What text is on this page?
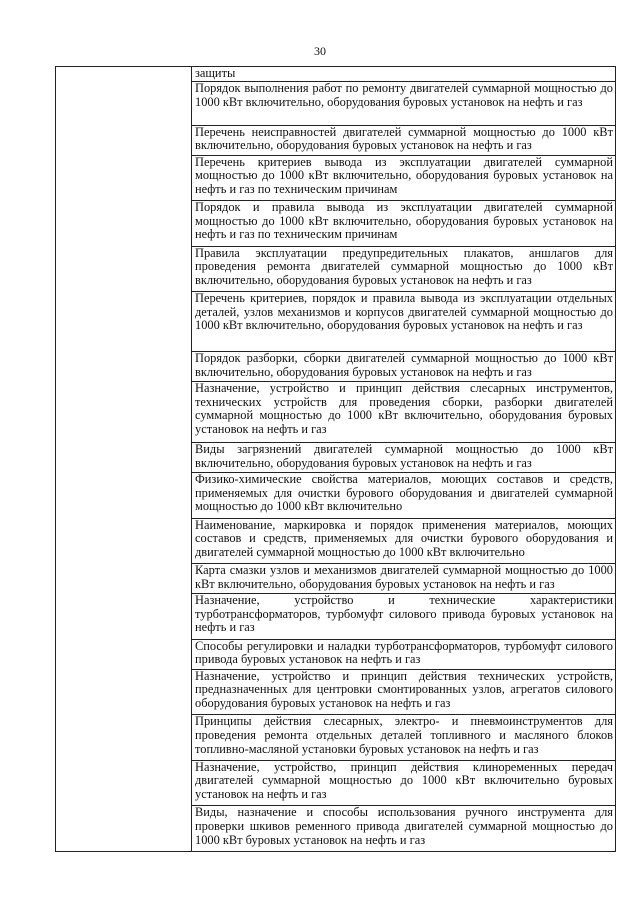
30
	защиты
Порядок выполнения работ по ремонту двигателей суммарной мощностью до 1000 кВт включительно, оборудования буровых установок на нефть и газ
Перечень неисправностей двигателей суммарной мощностью до 1000 кВт включительно, оборудования буровых установок на нефть и газ
Перечень критериев вывода из эксплуатации двигателей суммарной мощностью до 1000 кВт включительно, оборудования буровых установок на нефть и газ по техническим причинам
Порядок и правила вывода из эксплуатации двигателей суммарной мощностью до 1000 кВт включительно, оборудования буровых установок на нефть и газ по техническим причинам
Правила эксплуатации предупредительных плакатов, аншлагов для проведения ремонта двигателей суммарной мощностью до 1000 кВт включительно, оборудования буровых установок на нефть и газ
Перечень критериев, порядок и правила вывода из эксплуатации отдельных деталей, узлов механизмов и корпусов двигателей суммарной мощностью до 1000 кВт включительно, оборудования буровых установок на нефть и газ
Порядок разборки, сборки двигателей суммарной мощностью до 1000 кВт включительно, оборудования буровых установок на нефть и газ
Назначение, устройство и принцип действия слесарных инструментов, технических устройств для проведения сборки, разборки двигателей суммарной мощностью до 1000 кВт включительно, оборудования буровых установок на нефть и газ
Виды загрязнений двигателей суммарной мощностью до 1000 кВт включительно, оборудования буровых установок на нефть и газ
Физико-химические свойства материалов, моющих составов и средств, применяемых для очистки бурового оборудования и двигателей суммарной мощностью до 1000 кВт включительно
Наименование, маркировка и порядок применения материалов, моющих составов и средств, применяемых для очистки бурового оборудования и двигателей суммарной мощностью до 1000 кВт включительно
Карта смазки узлов и механизмов двигателей суммарной мощностью до 1000 кВт включительно, оборудования буровых установок на нефть и газ
Назначение, устройство и технические характеристики турботрансформаторов, турбомуфт силового привода буровых установок на нефть и газ
Способы регулировки и наладки турботрансформаторов, турбомуфт силового привода буровых установок на нефть и газ
Назначение, устройство и принцип действия технических устройств, предназначенных для центровки смонтированных узлов, агрегатов силового оборудования буровых установок на нефть и газ
Принципы действия слесарных, электро- и пневмоинструментов для проведения ремонта отдельных деталей топливного и масляного блоков топливно-масляной установки буровых установок на нефть и газ
Назначение, устройство, принцип действия клиноременных передач двигателей суммарной мощностью до 1000 кВт включительно буровых установок на нефть и газ
Виды, назначение и способы использования ручного инструмента для проверки шкивов ременного привода двигателей суммарной мощностью до 1000 кВт буровых установок на нефть и газ
